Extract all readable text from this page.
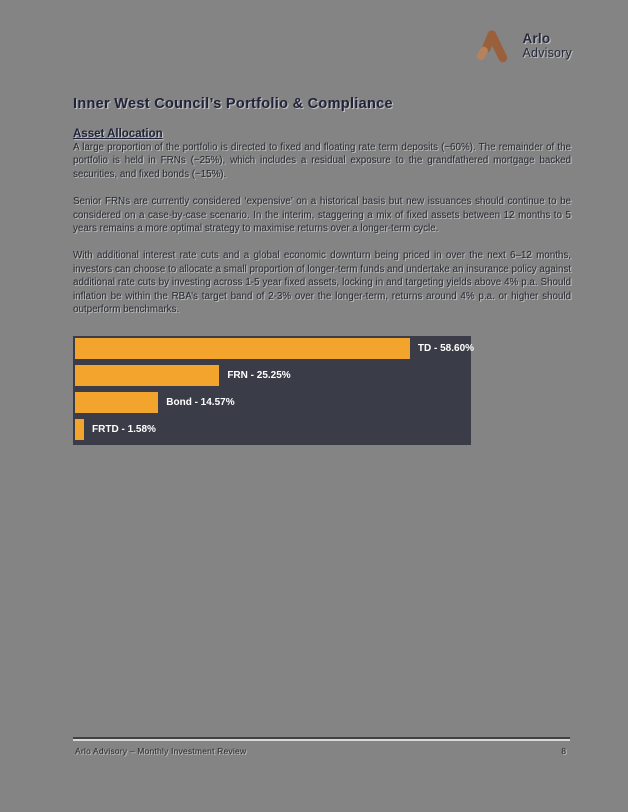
Arlo
Advisory
Inner West Council’s Portfolio & Compliance
Asset Allocation

A large proportion of the portfolio is directed to fixed and floating rate term deposits (~60%). The remainder of the portfolio is held in FRNs (~25%), which includes a residual exposure to the grandfathered mortgage backed securities, and fixed bonds (~15%).

Senior FRNs are currently considered ‘expensive’ on a historical basis but new issuances should continue to be considered on a case-by-case scenario. In the interim, staggering a mix of fixed assets between 12 months to 5 years remains a more optimal strategy to maximise returns over a longer-term cycle.

With additional interest rate cuts and a global economic downturn being priced in over the next 6–12 months, investors can choose to allocate a small proportion of longer-term funds and undertake an insurance policy against additional rate cuts by investing across 1-5 year fixed assets, locking in and targeting yields above 4% p.a. Should inflation be within the RBA’s target band of 2-3% over the longer-term, returns around 4% p.a. or higher should outperform benchmarks.

TD - 58.60%
FRN - 25.25%
Bond - 14.57%
FRTD - 1.58%
Arlo Advisory – Monthly Investment Review	8
